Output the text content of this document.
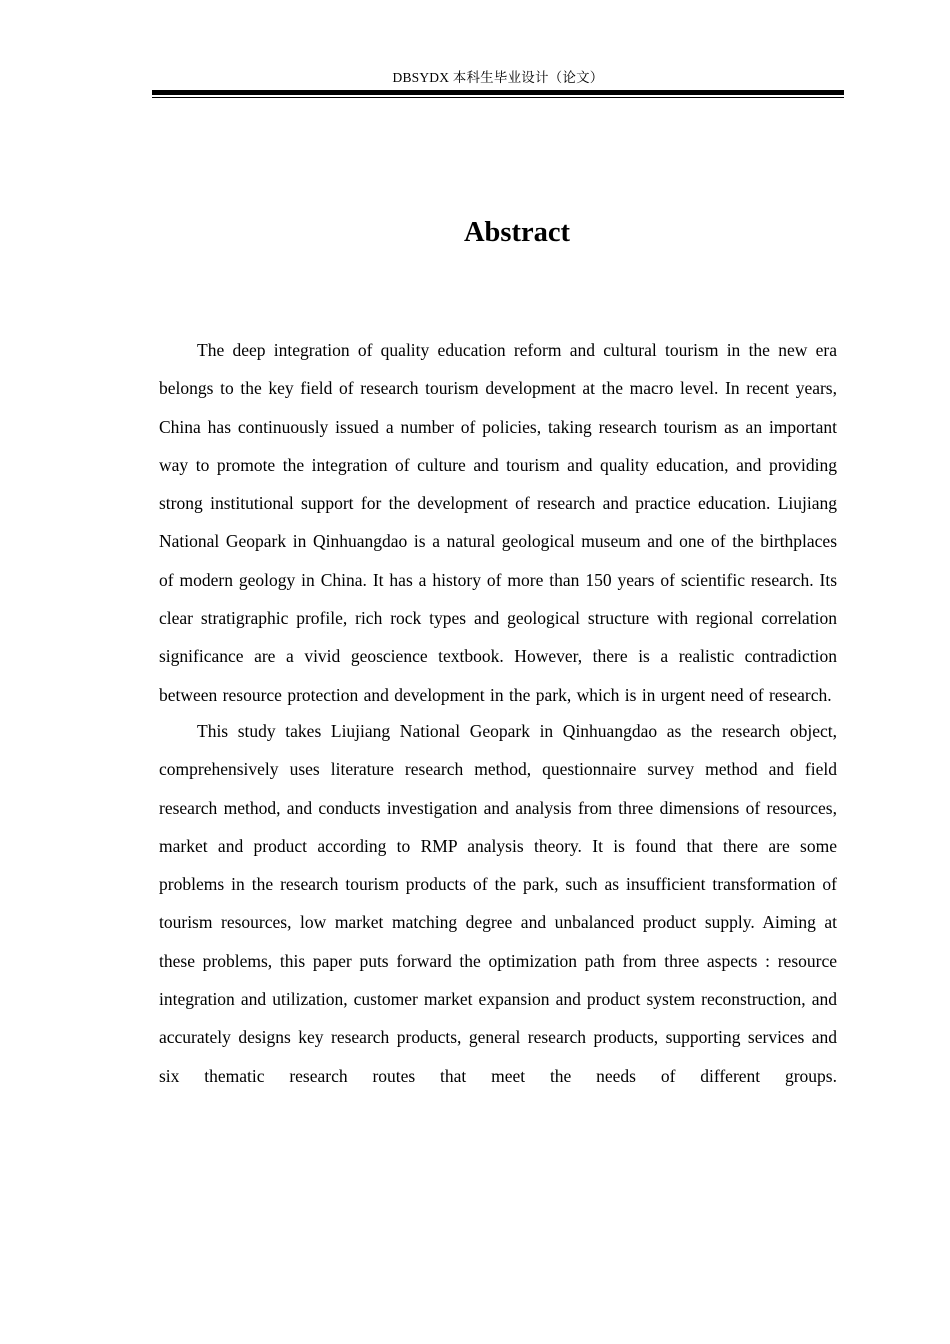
DBSYDX 本科生毕业设计（论文）
Abstract

The deep integration of quality education reform and cultural tourism in the new era belongs to the key field of research tourism development at the macro level. In recent years, China has continuously issued a number of policies, taking research tourism as an important way to promote the integration of culture and tourism and quality education, and providing strong institutional support for the development of research and practice education. Liujiang National Geopark in Qinhuangdao is a natural geological museum and one of the birthplaces of modern geology in China. It has a history of more than 150 years of scientific research. Its clear stratigraphic profile, rich rock types and geological structure with regional correlation significance are a vivid geoscience textbook. However, there is a realistic contradiction between resource protection and development in the park, which is in urgent need of research.

This study takes Liujiang National Geopark in Qinhuangdao as the research object, comprehensively uses literature research method, questionnaire survey method and field research method, and conducts investigation and analysis from three dimensions of resources, market and product according to RMP analysis theory. It is found that there are some problems in the research tourism products of the park, such as insufficient transformation of tourism resources, low market matching degree and unbalanced product supply. Aiming at these problems, this paper puts forward the optimization path from three aspects : resource integration and utilization, customer market expansion and product system reconstruction, and accurately designs key research products, general research products, supporting services and six thematic research routes that meet the needs of different groups.
